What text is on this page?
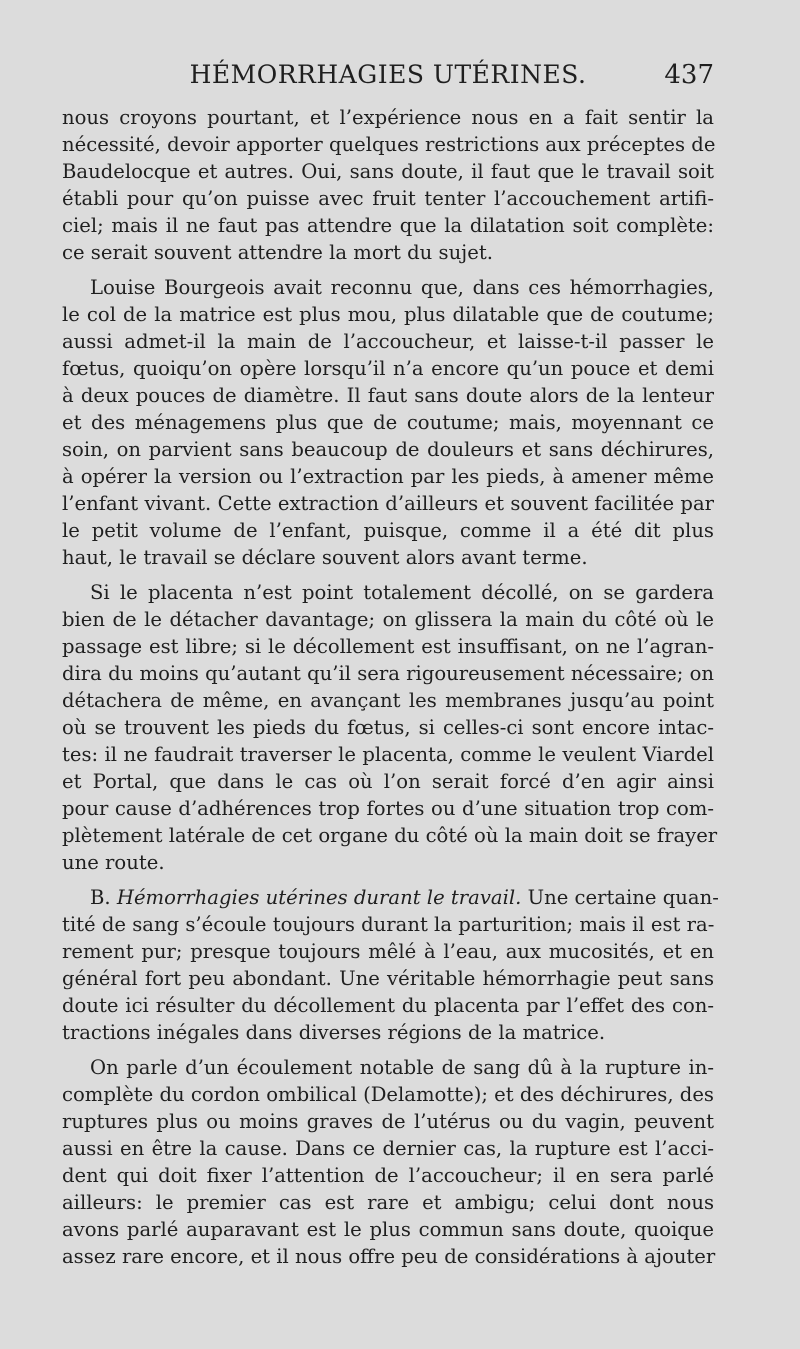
HÉMORRHAGIES UTÉRINES.	437
nous croyons pourtant, et l’expérience nous en a fait sentir la
nécessité, devoir apporter quelques restrictions aux préceptes de
Baudelocque et autres. Oui, sans doute, il faut que le travail soit
établi pour qu’on puisse avec fruit tenter l’accouchement artifi-
ciel; mais il ne faut pas attendre que la dilatation soit complète:
ce serait souvent attendre la mort du sujet.
Louise Bourgeois avait reconnu que, dans ces hémorrhagies,
le col de la matrice est plus mou, plus dilatable que de coutume;
aussi admet-il la main de l’accoucheur, et laisse-t-il passer le
fœtus, quoiqu’on opère lorsqu’il n’a encore qu’un pouce et demi
à deux pouces de diamètre. Il faut sans doute alors de la lenteur
et des ménagemens plus que de coutume; mais, moyennant ce
soin, on parvient sans beaucoup de douleurs et sans déchirures,
à opérer la version ou l’extraction par les pieds, à amener même
l’enfant vivant. Cette extraction d’ailleurs et souvent facilitée par
le petit volume de l’enfant, puisque, comme il a été dit plus
haut, le travail se déclare souvent alors avant terme.
Si le placenta n’est point totalement décollé, on se gardera
bien de le détacher davantage; on glissera la main du côté où le
passage est libre; si le décollement est insuffisant, on ne l’agran-
dira du moins qu’autant qu’il sera rigoureusement nécessaire; on
détachera de même, en avançant les membranes jusqu’au point
où se trouvent les pieds du fœtus, si celles-ci sont encore intac-
tes: il ne faudrait traverser le placenta, comme le veulent Viardel
et Portal, que dans le cas où l’on serait forcé d’en agir ainsi
pour cause d’adhérences trop fortes ou d’une situation trop com-
plètement latérale de cet organe du côté où la main doit se frayer
une route.
B. Hémorrhagies utérines durant le travail. Une certaine quan-
tité de sang s’écoule toujours durant la parturition; mais il est ra-
rement pur; presque toujours mêlé à l’eau, aux mucosités, et en
général fort peu abondant. Une véritable hémorrhagie peut sans
doute ici résulter du décollement du placenta par l’effet des con-
tractions inégales dans diverses régions de la matrice.
On parle d’un écoulement notable de sang dû à la rupture in-
complète du cordon ombilical (Delamotte); et des déchirures, des
ruptures plus ou moins graves de l’utérus ou du vagin, peuvent
aussi en être la cause. Dans ce dernier cas, la rupture est l’acci-
dent qui doit fixer l’attention de l’accoucheur; il en sera parlé
ailleurs: le premier cas est rare et ambigu; celui dont nous
avons parlé auparavant est le plus commun sans doute, quoique
assez rare encore, et il nous offre peu de considérations à ajouter
